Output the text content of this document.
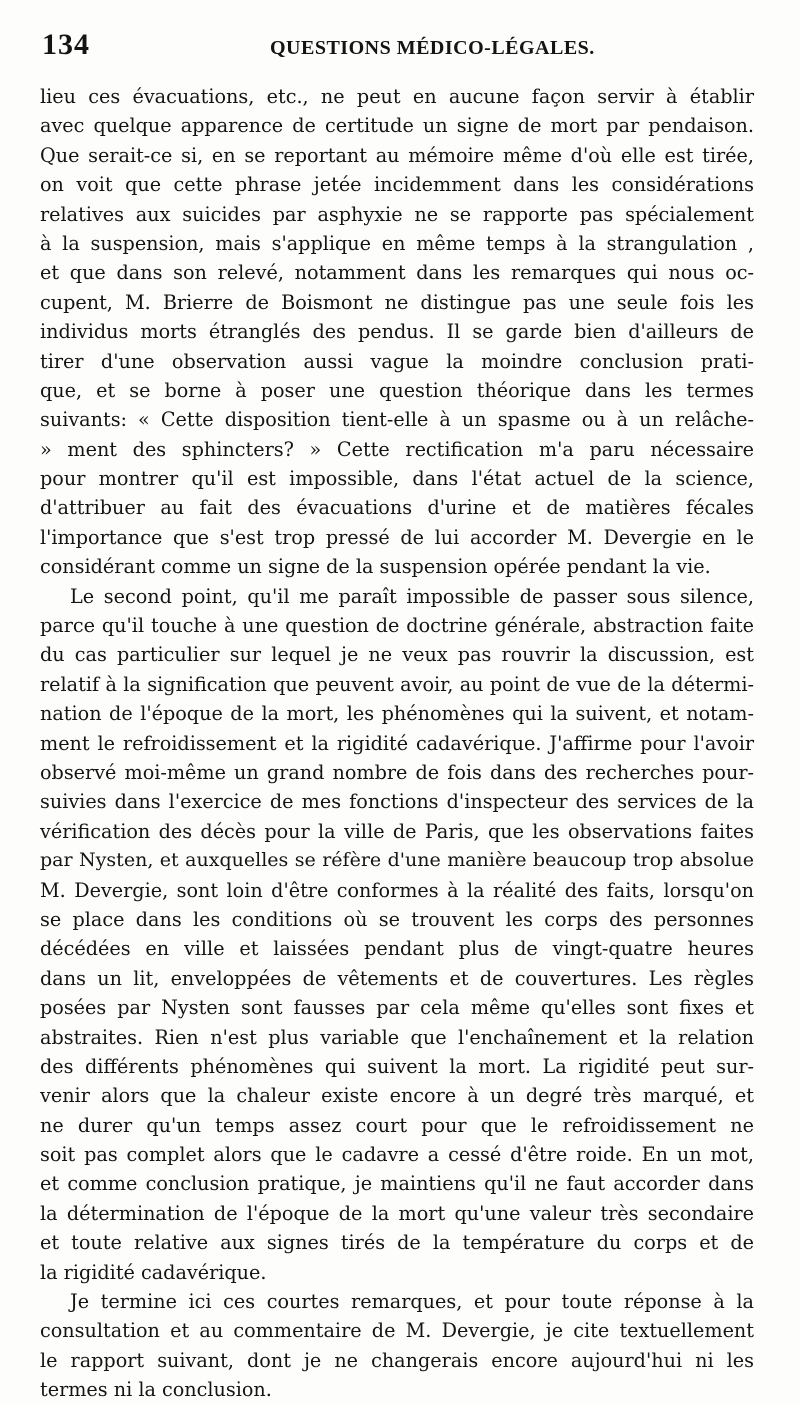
134	QUESTIONS MÉDICO-LÉGALES.
lieu ces évacuations, etc., ne peut en aucune façon servir à établir
avec quelque apparence de certitude un signe de mort par pendaison.
Que serait-ce si, en se reportant au mémoire même d'où elle est tirée,
on voit que cette phrase jetée incidemment dans les considérations
relatives aux suicides par asphyxie ne se rapporte pas spécialement
à la suspension, mais s'applique en même temps à la strangulation ,
et que dans son relevé, notamment dans les remarques qui nous oc-
cupent, M. Brierre de Boismont ne distingue pas une seule fois les
individus morts étranglés des pendus. Il se garde bien d'ailleurs de
tirer d'une observation aussi vague la moindre conclusion prati-
que, et se borne à poser une question théorique dans les termes
suivants: « Cette disposition tient-elle à un spasme ou à un relâche-
» ment des sphincters? » Cette rectification m'a paru nécessaire
pour montrer qu'il est impossible, dans l'état actuel de la science,
d'attribuer au fait des évacuations d'urine et de matières fécales
l'importance que s'est trop pressé de lui accorder M. Devergie en le
considérant comme un signe de la suspension opérée pendant la vie.
Le second point, qu'il me paraît impossible de passer sous silence,
parce qu'il touche à une question de doctrine générale, abstraction faite
du cas particulier sur lequel je ne veux pas rouvrir la discussion, est
relatif à la signification que peuvent avoir, au point de vue de la détermi-
nation de l'époque de la mort, les phénomènes qui la suivent, et notam-
ment le refroidissement et la rigidité cadavérique. J'affirme pour l'avoir
observé moi-même un grand nombre de fois dans des recherches pour-
suivies dans l'exercice de mes fonctions d'inspecteur des services de la
vérification des décès pour la ville de Paris, que les observations faites
par Nysten, et auxquelles se réfère d'une manière beaucoup trop absolue
M. Devergie, sont loin d'être conformes à la réalité des faits, lorsqu'on
se place dans les conditions où se trouvent les corps des personnes
décédées en ville et laissées pendant plus de vingt-quatre heures
dans un lit, enveloppées de vêtements et de couvertures. Les règles
posées par Nysten sont fausses par cela même qu'elles sont fixes et
abstraites. Rien n'est plus variable que l'enchaînement et la relation
des différents phénomènes qui suivent la mort. La rigidité peut sur-
venir alors que la chaleur existe encore à un degré très marqué, et
ne durer qu'un temps assez court pour que le refroidissement ne
soit pas complet alors que le cadavre a cessé d'être roide. En un mot,
et comme conclusion pratique, je maintiens qu'il ne faut accorder dans
la détermination de l'époque de la mort qu'une valeur très secondaire
et toute relative aux signes tirés de la température du corps et de
la rigidité cadavérique.
Je termine ici ces courtes remarques, et pour toute réponse à la
consultation et au commentaire de M. Devergie, je cite textuellement
le rapport suivant, dont je ne changerais encore aujourd'hui ni les
termes ni la conclusion.
